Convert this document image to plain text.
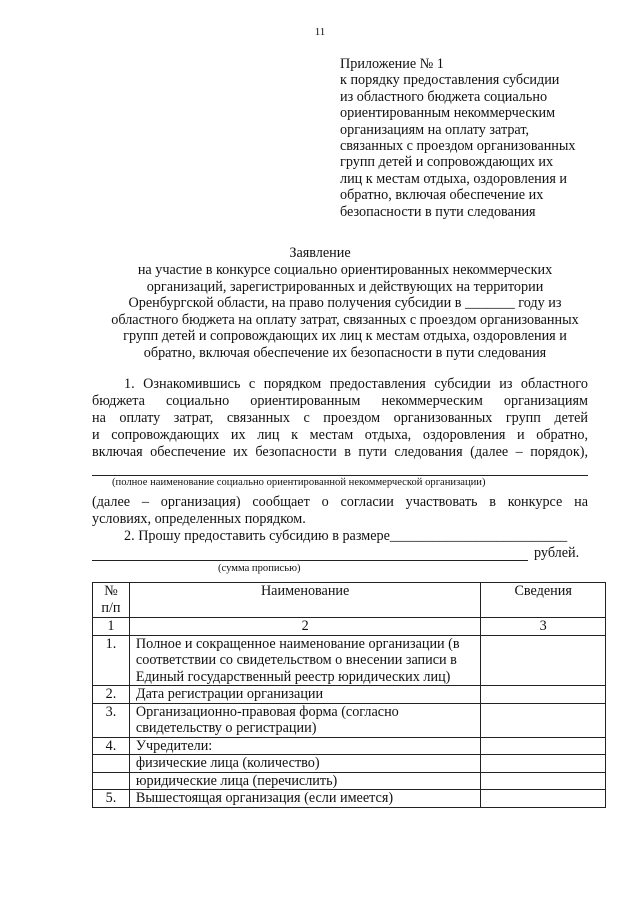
11
Приложение № 1
к порядку предоставления субсидии
из областного бюджета социально
ориентированным некоммерческим
организациям на оплату затрат,
связанных с проездом организованных
групп детей и сопровождающих их
лиц к местам отдыха, оздоровления и
обратно, включая обеспечение их
безопасности в пути следования
Заявление
на участие в конкурсе социально ориентированных некоммерческих
организаций, зарегистрированных и действующих на территории
Оренбургской области, на право получения субсидии в _______ году из
областного бюджета на оплату затрат, связанных с проездом организованных
групп детей и сопровождающих их лиц к местам отдыха, оздоровления и
обратно, включая обеспечение их безопасности в пути следования
1. Ознакомившись с порядком предоставления субсидии из областного
бюджета социально ориентированным некоммерческим организациям
на оплату затрат, связанных с проездом организованных групп детей
и сопровождающих их лиц к местам отдыха, оздоровления и обратно,
включая обеспечение их безопасности в пути следования (далее – порядок),
(полное наименование социально ориентированной некоммерческой организации)
(далее – организация) сообщает о согласии участвовать в конкурсе на
условиях, определенных порядком.
2. Прошу предоставить субсидию в размере_________________________
рублей.
(сумма прописью)
№ п/п	Наименование	Сведения
1	2	3
1.	Полное и сокращенное наименование организации (в соответствии со свидетельством о внесении записи в Единый государственный реестр юридических лиц)	
2.	Дата регистрации организации	
3.	Организационно-правовая форма (согласно свидетельству о регистрации)	
4.	Учредители:	
	физические лица (количество)	
	юридические лица (перечислить)	
5.	Вышестоящая организация (если имеется)	
